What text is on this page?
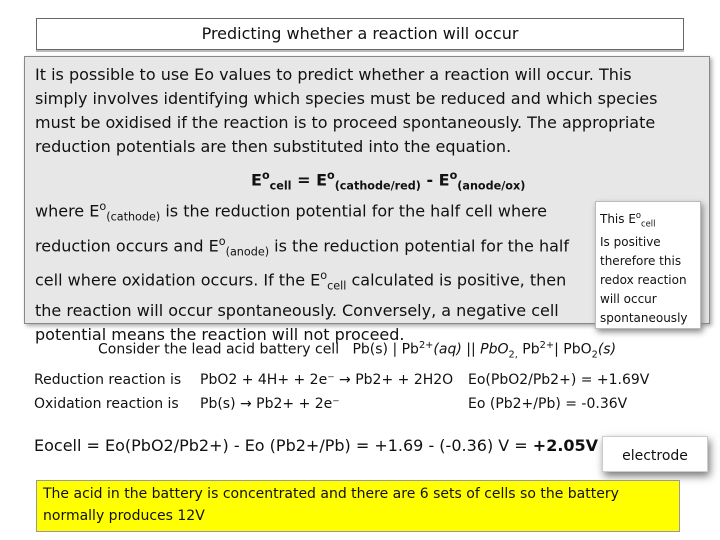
Predicting whether a reaction will occur
It is possible to use Eo values to predict whether a reaction will occur. This simply involves identifying which species must be reduced and which species must be oxidised if the reaction is to proceed spontaneously. The appropriate reduction potentials are then substituted into the equation.
$E^o_{cell} = E^o_{(cathode/red)} - E^o_{(anode/ox)}$
where $E^o_{(cathode)}$ is the reduction potential for the half cell where reduction occurs and $E^o_{(anode)}$ is the reduction potential for the half cell where oxidation occurs. If the $E^o_{cell}$ calculated is positive, then the reaction will occur spontaneously. Conversely, a negative cell potential means the reaction will not proceed.
This $E^o_{cell}$
Is positive therefore this redox reaction will occur spontaneously
Consider the lead acid battery cell Pb(s) | $Pb^{2+}(aq)$ || PbO$_{2,}$ $Pb^{2+}|$ PbO$_2$(s)
Reduction reaction is PbO2 + 4H+ + 2e⁻ → Pb2+ + 2H2O Eo(PbO2/Pb2+) = +1.69V
Oxidation reaction is Pb(s) → Pb2+ + 2e⁻	Eo (Pb2+/Pb) = -0.36V
Eocell = Eo(PbO2/Pb2+) - Eo (Pb2+/Pb) = +1.69 - (-0.36) V = +2.05V
electrode
The acid in the battery is concentrated and there are 6 sets of cells so the battery normally produces 12V
